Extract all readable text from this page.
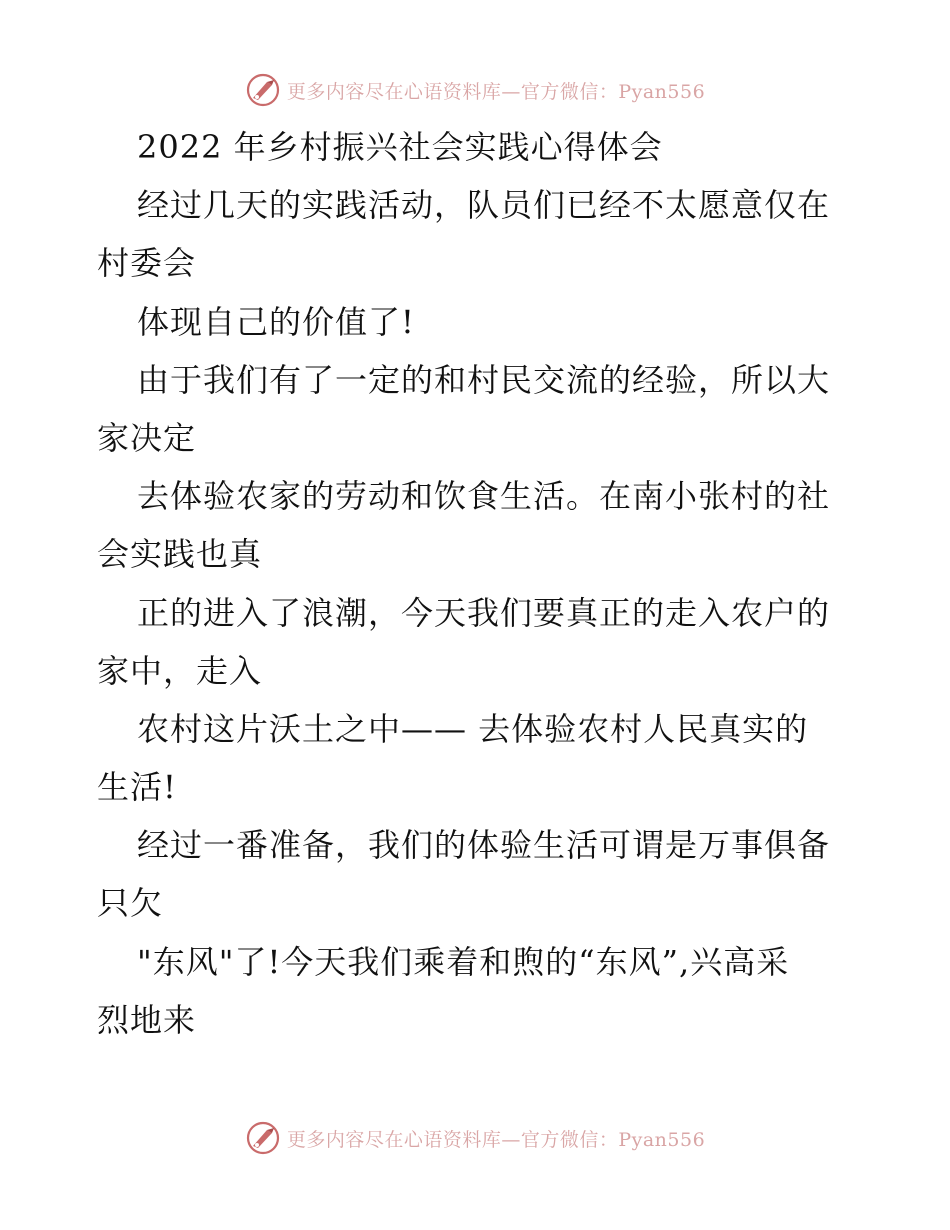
更多内容尽在心语资料库—官方微信：Pyan556
2022 年乡村振兴社会实践心得体会
经过几天的实践活动，队员们已经不太愿意仅在
村委会
体现自己的价值了!
由于我们有了一定的和村民交流的经验，所以大
家决定
去体验农家的劳动和饮食生活。在南小张村的社
会实践也真
正的进入了浪潮，今天我们要真正的走入农户的
家中，走入
农村这片沃土之中—— 去体验农村人民真实的
生活!
经过一番准备，我们的体验生活可谓是万事俱备
只欠
"东风"了!今天我们乘着和煦的“东风”,兴高采
烈地来
更多内容尽在心语资料库—官方微信：Pyan556
